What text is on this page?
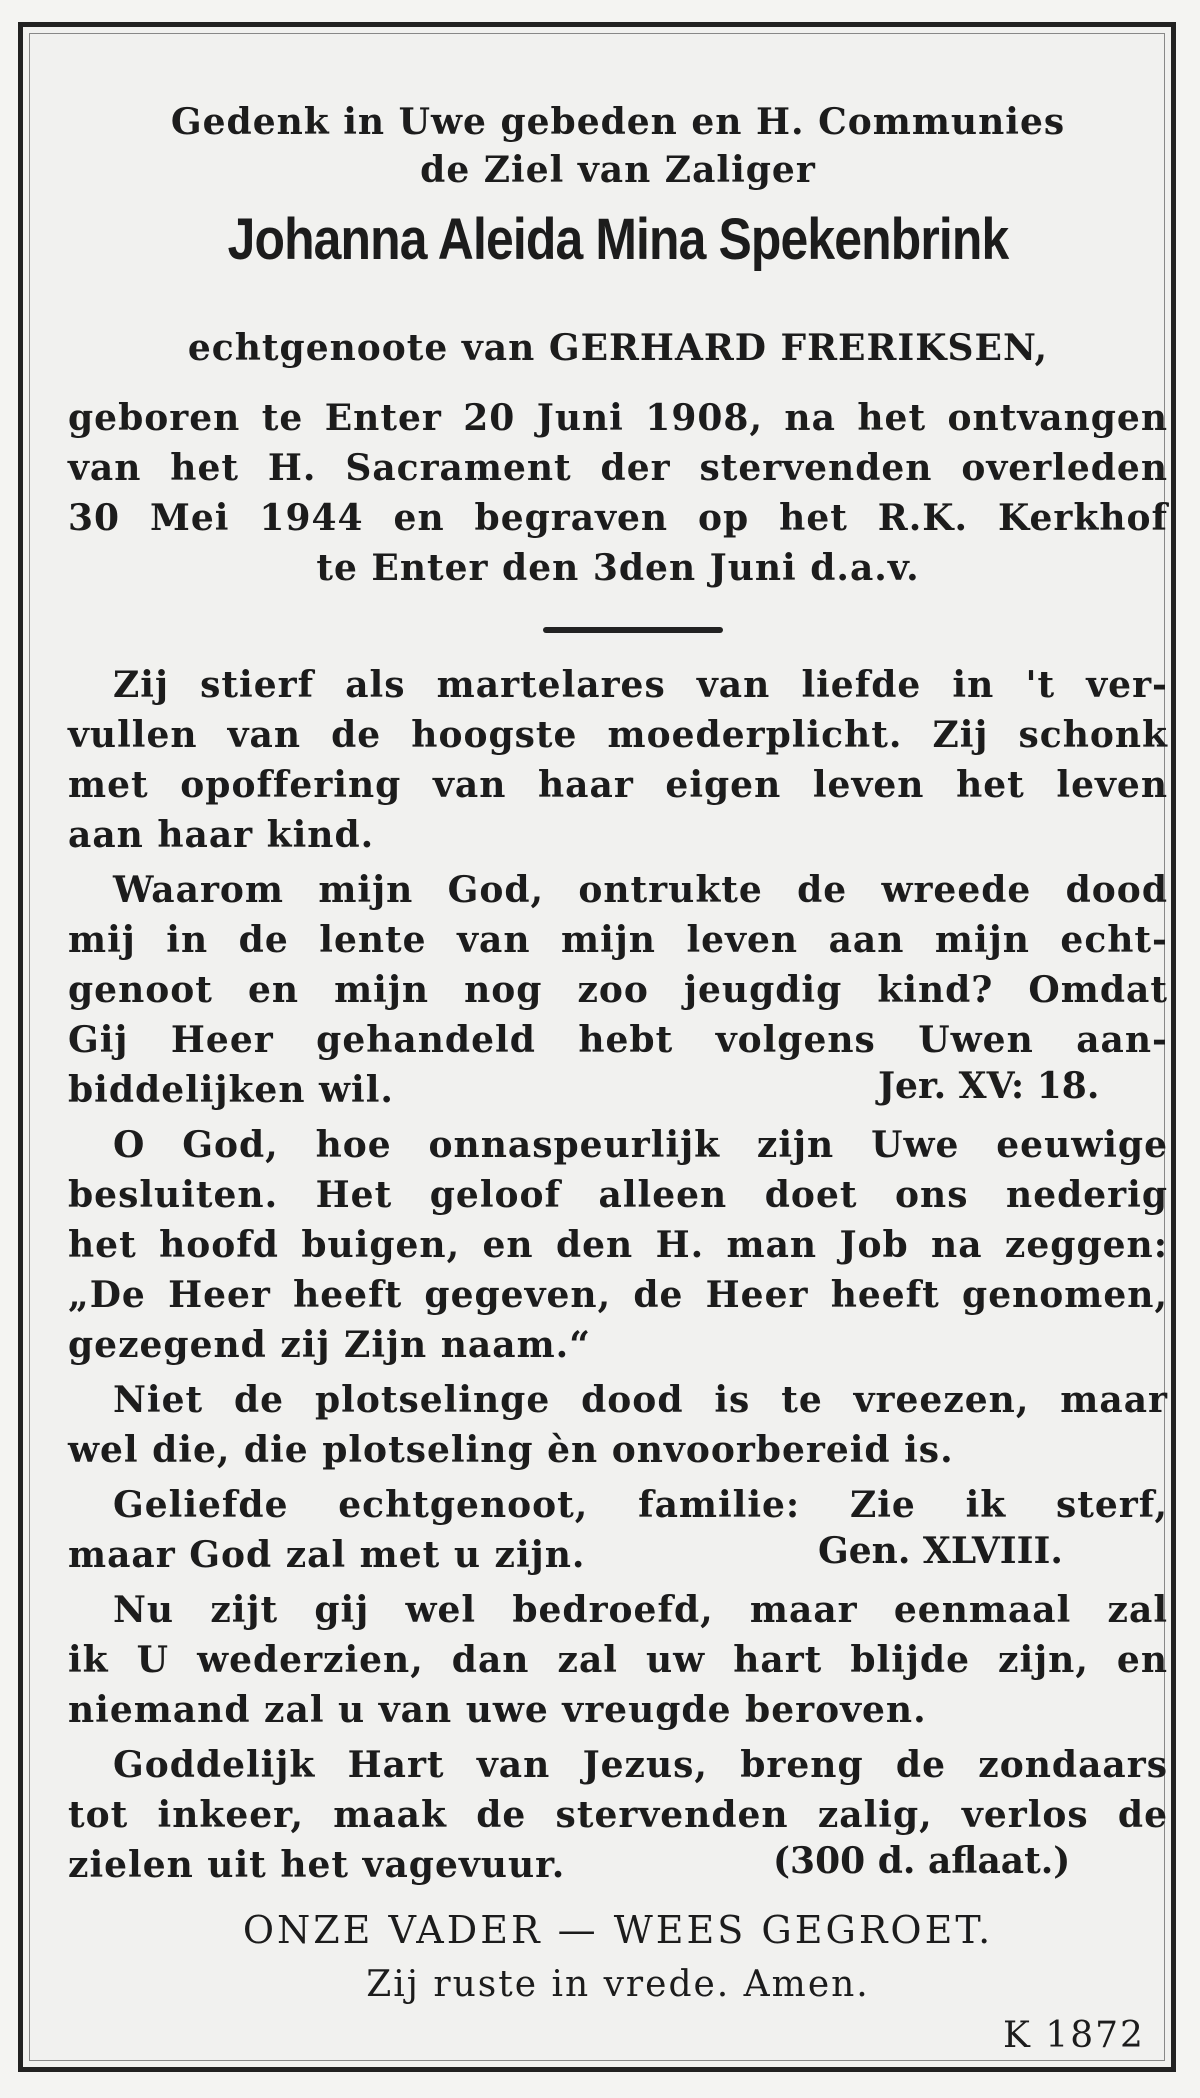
Gedenk in Uwe gebeden en H. Communies
de Ziel van Zaliger
Johanna Aleida Mina Spekenbrink
echtgenoote van GERHARD FRERIKSEN,
geboren te Enter 20 Juni 1908, na het ontvangen
van het H. Sacrament der stervenden overleden
30 Mei 1944 en begraven op het R.K. Kerkhof
te Enter den 3den Juni d.a.v.
Zij stierf als martelares van liefde in 't ver-
vullen van de hoogste moederplicht. Zij schonk
met opoffering van haar eigen leven het leven
aan haar kind.
Waarom mijn God, ontrukte de wreede dood
mij in de lente van mijn leven aan mijn echt-
genoot en mijn nog zoo jeugdig kind? Omdat
Gij Heer gehandeld hebt volgens Uwen aan-
biddelijken wil.	Jer. XV: 18.
O God, hoe onnaspeurlijk zijn Uwe eeuwige
besluiten. Het geloof alleen doet ons nederig
het hoofd buigen, en den H. man Job na zeggen:
„De Heer heeft gegeven, de Heer heeft genomen,
gezegend zij Zijn naam.“
Niet de plotselinge dood is te vreezen, maar
wel die, die plotseling èn onvoorbereid is.
Geliefde echtgenoot, familie: Zie ik sterf,
maar God zal met u zijn.	Gen. XLVIII.
Nu zijt gij wel bedroefd, maar eenmaal zal
ik U wederzien, dan zal uw hart blijde zijn, en
niemand zal u van uwe vreugde beroven.
Goddelijk Hart van Jezus, breng de zondaars
tot inkeer, maak de stervenden zalig, verlos de
zielen uit het vagevuur.	(300 d. aflaat.)
ONZE VADER — WEES GEGROET.
Zij ruste in vrede. Amen.
K 1872
